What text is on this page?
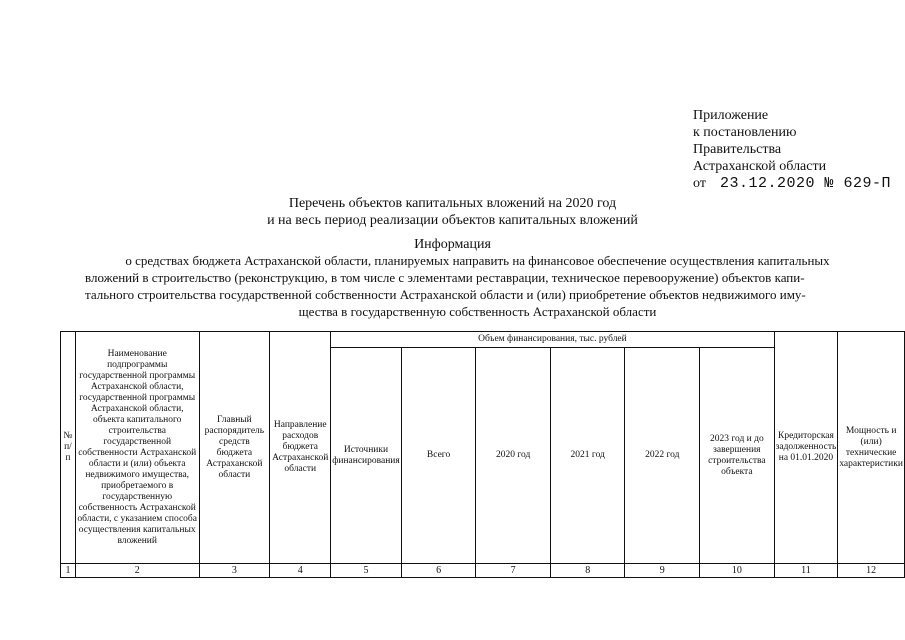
Приложение
к постановлению
Правительства
Астраханской области
от 23.12.2020 № 629-П
Перечень объектов капитальных вложений на 2020 год
и на весь период реализации объектов капитальных вложений
Информация
о средствах бюджета Астраханской области, планируемых направить на финансовое обеспечение осуществления капитальных
вложений в строительство (реконструкцию, в том числе с элементами реставрации, техническое перевооружение) объектов капи-
тального строительства государственной собственности Астраханской области и (или) приобретение объектов недвижимого иму-
щества в государственную собственность Астраханской области
№ п/п	Наименование подпрограммы государственной программы Астраханской области, государственной программы Астраханской области, объекта капитального строительства государственной собственности Астраханской области и (или) объекта недвижимого имущества, приобретаемого в государственную собственность Астраханской области, с указанием способа осуществления капитальных вложений	Главный распорядитель средств бюджета Астраханской области	Направление расходов бюджета Астраханской области	Объем финансирования, тыс. рублей						Кредиторская задолженность на 01.01.2020	Мощность и (или) технические характеристики
				Источники финансирования	Всего	2020 год	2021 год	2022 год	2023 год и до завершения строительства объекта		
1	2	3	4	5	6	7	8	9	10	11	12
